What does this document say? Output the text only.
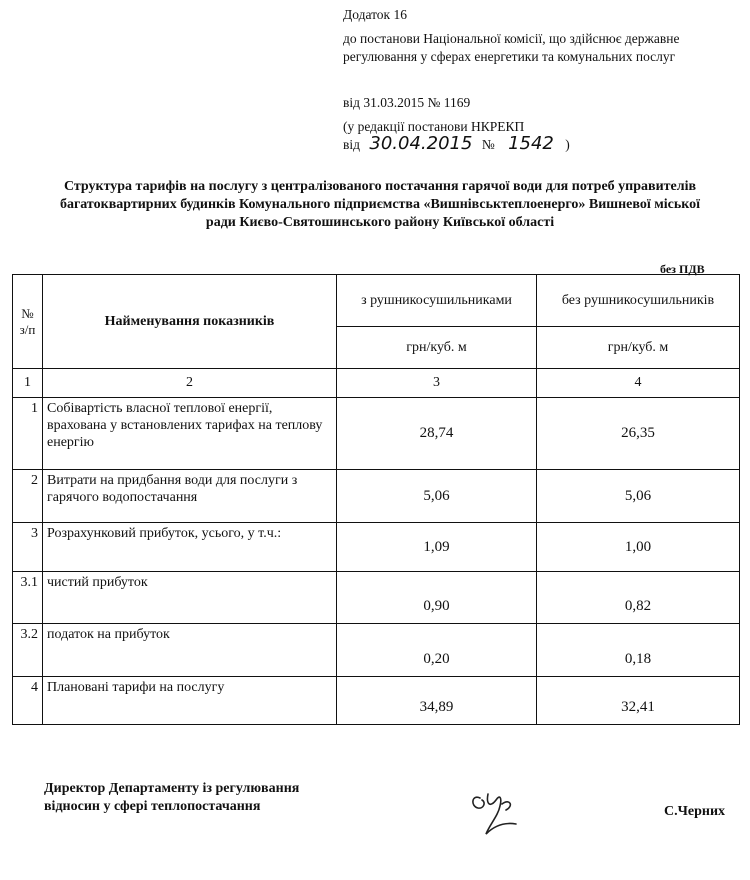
Додаток 16
до постанови Національної комісії, що здійснює державне
регулювання у сферах енергетики та комунальних послуг
від 31.03.2015 № 1169
(у редакції постанови НКРЕКП
від 30.04.2015 № 1542 )
Структура тарифів на послугу з централізованого постачання гарячої води для потреб управителів
багатоквартирних будинків Комунального підприємства «Вишнівськтеплоенерго» Вишневої міської
ради Києво-Святошинського району Київської області
без ПДВ
№ з/п	Найменування показників	з рушникосушильниками	без рушникосушильників
		грн/куб. м	грн/куб. м
1	2	3	4
1	Собівартість власної теплової енергії, врахована у встановлених тарифах на теплову енергію	28,74	26,35
2	Витрати на придбання води для послуги з гарячого водопостачання	5,06	5,06
3	Розрахунковий прибуток, усього, у т.ч.:	1,09	1,00
3.1	чистий прибуток	0,90	0,82
3.2	податок на прибуток	0,20	0,18
4	Плановані тарифи на послугу	34,89	32,41
Директор Департаменту із регулювання
відносин у сфері теплопостачання	С.Черних
